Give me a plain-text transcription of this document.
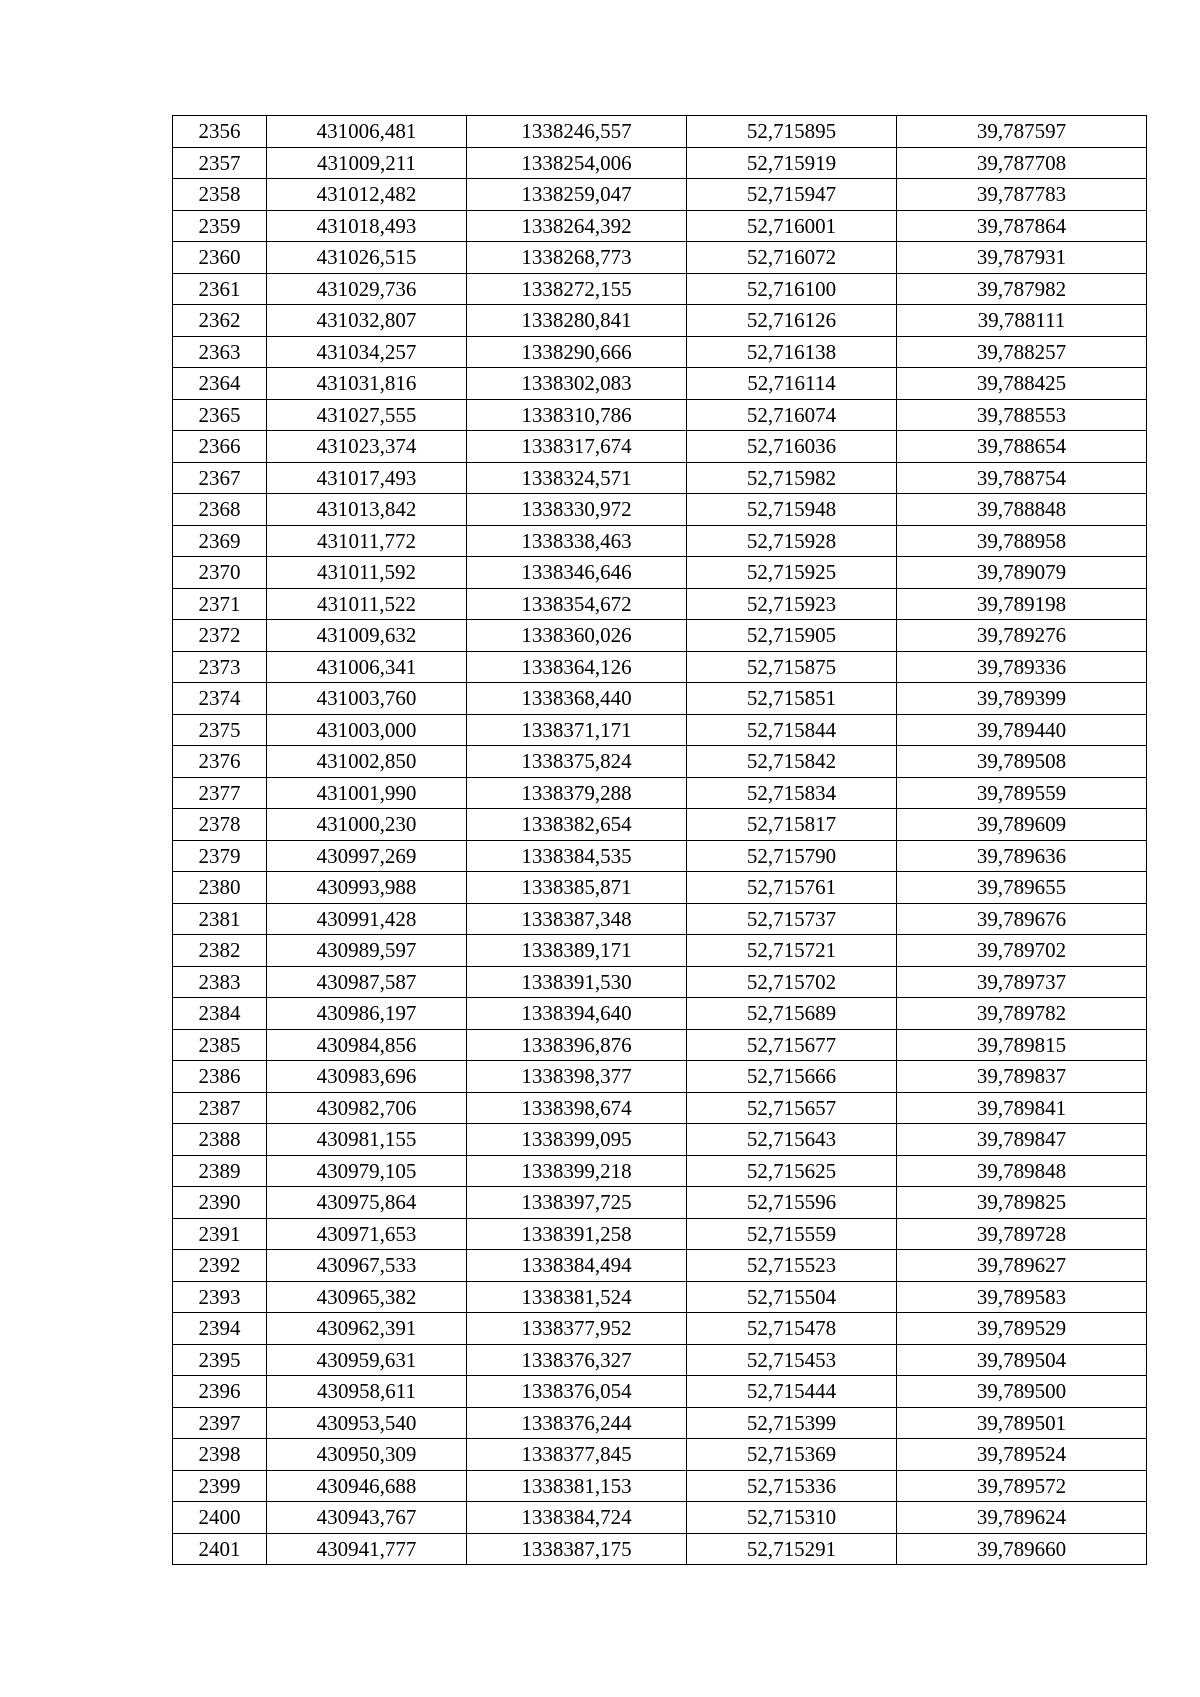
2356	431006,481	1338246,557	52,715895	39,787597
2357	431009,211	1338254,006	52,715919	39,787708
2358	431012,482	1338259,047	52,715947	39,787783
2359	431018,493	1338264,392	52,716001	39,787864
2360	431026,515	1338268,773	52,716072	39,787931
2361	431029,736	1338272,155	52,716100	39,787982
2362	431032,807	1338280,841	52,716126	39,788111
2363	431034,257	1338290,666	52,716138	39,788257
2364	431031,816	1338302,083	52,716114	39,788425
2365	431027,555	1338310,786	52,716074	39,788553
2366	431023,374	1338317,674	52,716036	39,788654
2367	431017,493	1338324,571	52,715982	39,788754
2368	431013,842	1338330,972	52,715948	39,788848
2369	431011,772	1338338,463	52,715928	39,788958
2370	431011,592	1338346,646	52,715925	39,789079
2371	431011,522	1338354,672	52,715923	39,789198
2372	431009,632	1338360,026	52,715905	39,789276
2373	431006,341	1338364,126	52,715875	39,789336
2374	431003,760	1338368,440	52,715851	39,789399
2375	431003,000	1338371,171	52,715844	39,789440
2376	431002,850	1338375,824	52,715842	39,789508
2377	431001,990	1338379,288	52,715834	39,789559
2378	431000,230	1338382,654	52,715817	39,789609
2379	430997,269	1338384,535	52,715790	39,789636
2380	430993,988	1338385,871	52,715761	39,789655
2381	430991,428	1338387,348	52,715737	39,789676
2382	430989,597	1338389,171	52,715721	39,789702
2383	430987,587	1338391,530	52,715702	39,789737
2384	430986,197	1338394,640	52,715689	39,789782
2385	430984,856	1338396,876	52,715677	39,789815
2386	430983,696	1338398,377	52,715666	39,789837
2387	430982,706	1338398,674	52,715657	39,789841
2388	430981,155	1338399,095	52,715643	39,789847
2389	430979,105	1338399,218	52,715625	39,789848
2390	430975,864	1338397,725	52,715596	39,789825
2391	430971,653	1338391,258	52,715559	39,789728
2392	430967,533	1338384,494	52,715523	39,789627
2393	430965,382	1338381,524	52,715504	39,789583
2394	430962,391	1338377,952	52,715478	39,789529
2395	430959,631	1338376,327	52,715453	39,789504
2396	430958,611	1338376,054	52,715444	39,789500
2397	430953,540	1338376,244	52,715399	39,789501
2398	430950,309	1338377,845	52,715369	39,789524
2399	430946,688	1338381,153	52,715336	39,789572
2400	430943,767	1338384,724	52,715310	39,789624
2401	430941,777	1338387,175	52,715291	39,789660
